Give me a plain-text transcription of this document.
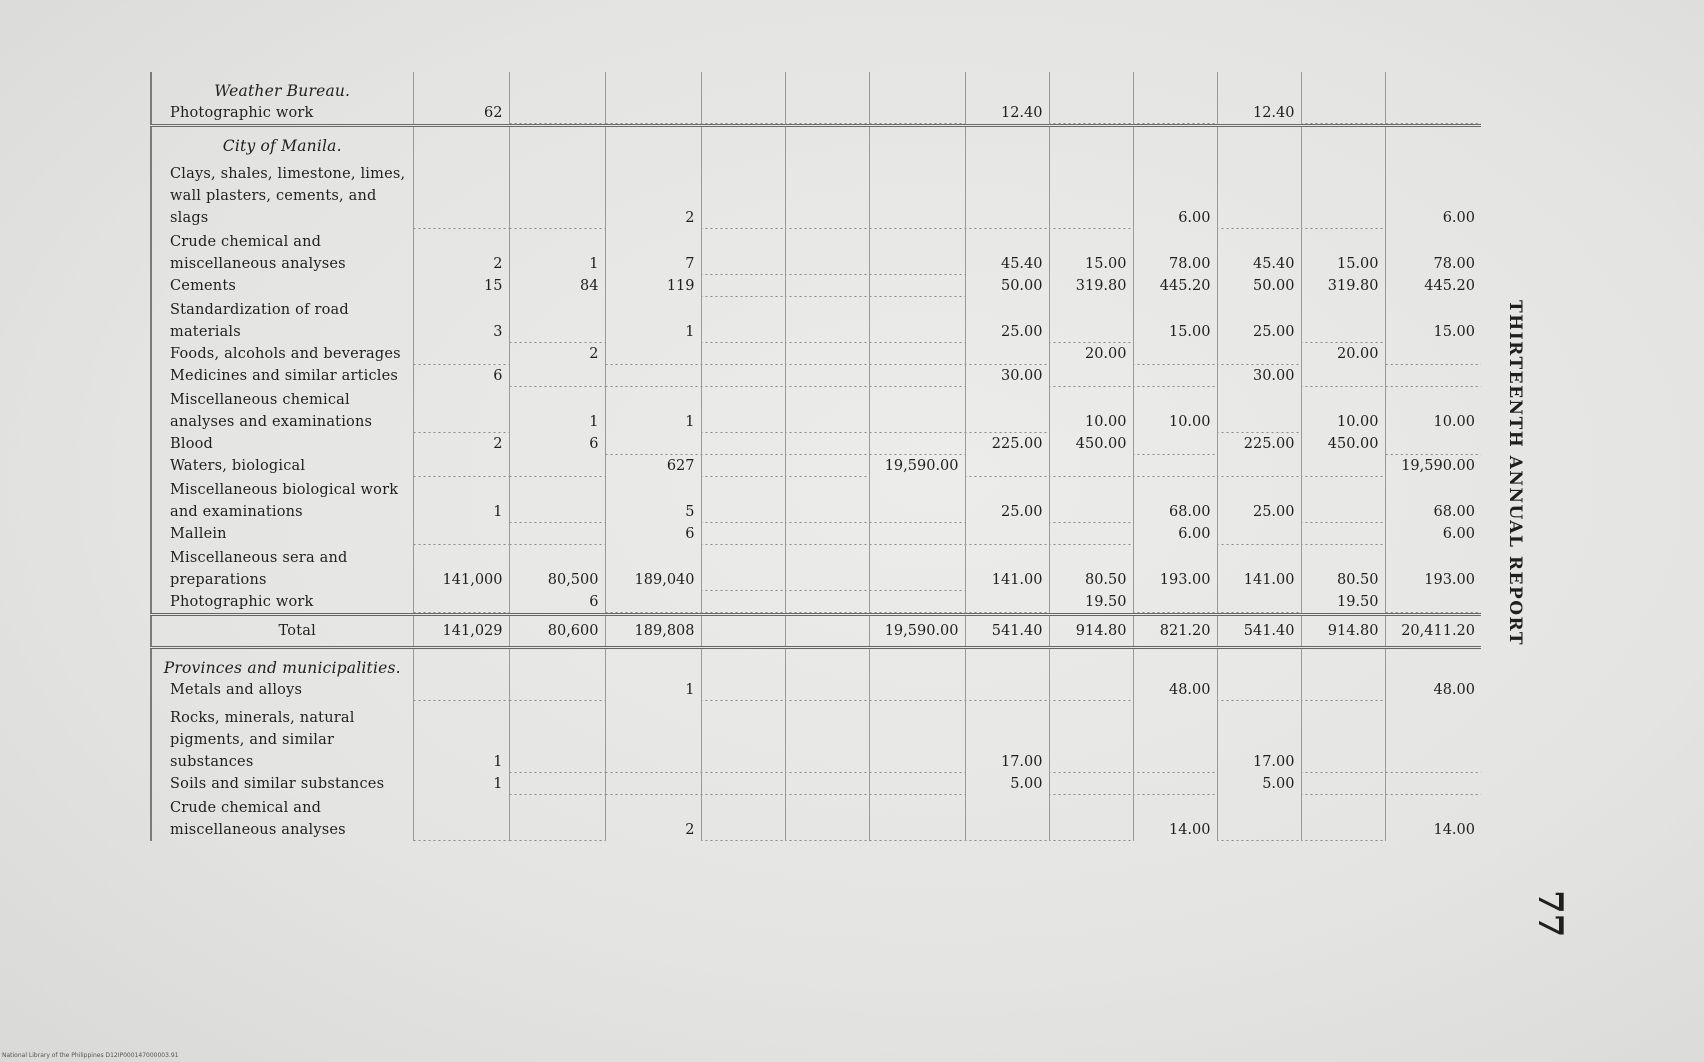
Weather Bureau.												
Photographic work	62						12.40			12.40		
City of Manila.												
Clays, shales, limestone, limes, wall plasters, cements, and slags			2						6.00			6.00
Crude chemical and miscellaneous analyses	2	1	7				45.40	15.00	78.00	45.40	15.00	78.00
Cements	15	84	119				50.00	319.80	445.20	50.00	319.80	445.20
Standardization of road materials	3		1				25.00		15.00	25.00		15.00
Foods, alcohols and beverages		2						20.00			20.00	
Medicines and similar articles	6						30.00			30.00		
Miscellaneous chemical analyses and examinations		1	1					10.00	10.00		10.00	10.00
Blood	2	6					225.00	450.00		225.00	450.00	
Waters, biological			627			19,590.00						19,590.00
Miscellaneous biological work and examinations	1		5				25.00		68.00	25.00		68.00
Mallein			6						6.00			6.00
Miscellaneous sera and preparations	141,000	80,500	189,040				141.00	80.50	193.00	141.00	80.50	193.00
Photographic work		6						19.50			19.50	
Total	141,029	80,600	189,808			19,590.00	541.40	914.80	821.20	541.40	914.80	20,411.20
Provinces and municipalities.												
Metals and alloys			1						48.00			48.00
Rocks, minerals, natural pigments, and similar substances	1						17.00			17.00		
Soils and similar substances	1						5.00			5.00		
Crude chemical and miscellaneous analyses			2						14.00			14.00
THIRTEENTH ANNUAL REPORT
77
National Library of the Philippines D12IP000147000003.91
